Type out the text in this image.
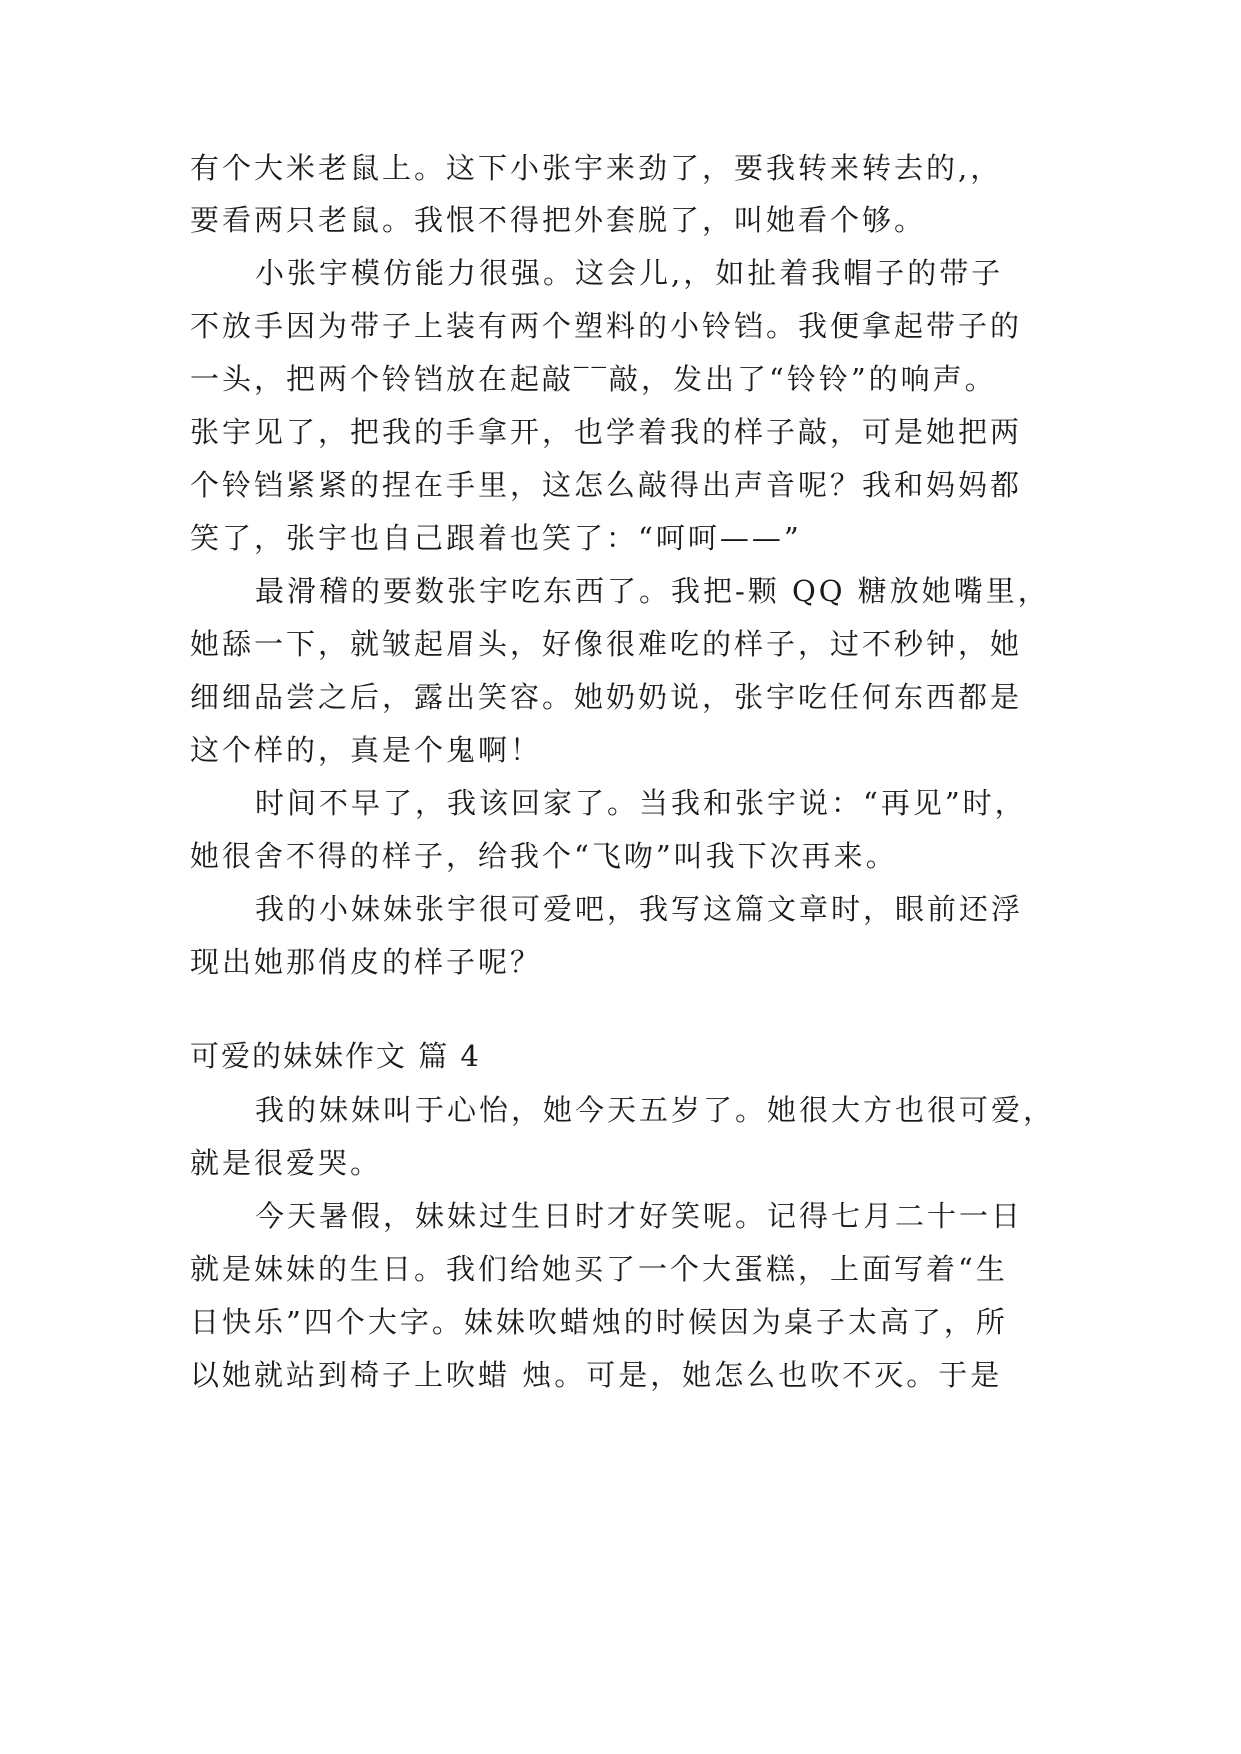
有个大米老鼠上。这下小张宇来劲了，要我转来转去的,，
要看两只老鼠。我恨不得把外套脱了，叫她看个够。
小张宇模仿能力很强。这会儿,，如扯着我帽子的带子
不放手因为带子上装有两个塑料的小铃铛。我便拿起带子的
一头，把两个铃铛放在起敲‾‾敲，发出了“铃铃”的响声。
张宇见了，把我的手拿开，也学着我的样子敲，可是她把两
个铃铛紧紧的捏在手里，这怎么敲得出声音呢？我和妈妈都
笑了，张宇也自己跟着也笑了：“呵呵——”
最滑稽的要数张宇吃东西了。我把-颗 QQ 糖放她嘴里，
她舔一下，就皱起眉头，好像很难吃的样子，过不秒钟，她
细细品尝之后，露出笑容。她奶奶说，张宇吃任何东西都是
这个样的，真是个鬼啊！
时间不早了，我该回家了。当我和张宇说：“再见”时，
她很舍不得的样子，给我个“飞吻”叫我下次再来。
我的小妹妹张宇很可爱吧，我写这篇文章时，眼前还浮
现出她那俏皮的样子呢？
可爱的妹妹作文 篇 4
我的妹妹叫于心怡，她今天五岁了。她很大方也很可爱，
就是很爱哭。
今天暑假，妹妹过生日时才好笑呢。记得七月二十一日
就是妹妹的生日。我们给她买了一个大蛋糕，上面写着“生
日快乐”四个大字。妹妹吹蜡烛的时候因为桌子太高了，所
以她就站到椅子上吹蜡 烛。可是，她怎么也吹不灭。于是
